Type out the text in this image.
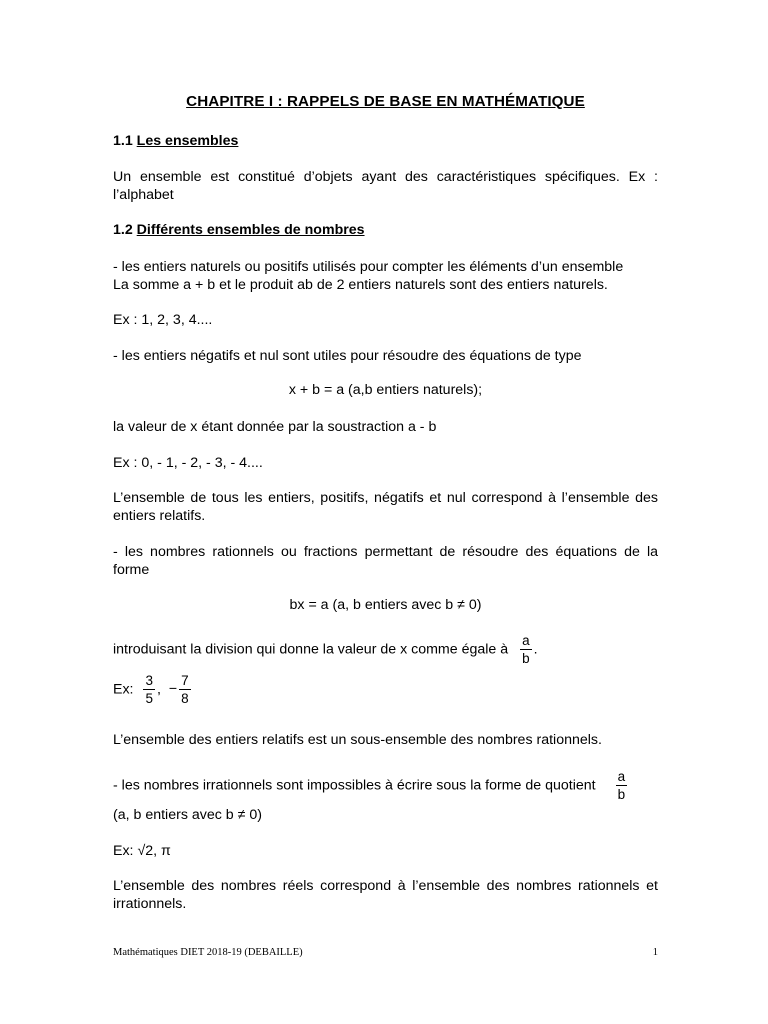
CHAPITRE I : RAPPELS DE BASE EN MATHÉMATIQUE
1.1 Les ensembles
Un ensemble est constitué d’objets ayant des caractéristiques spécifiques. Ex : l’alphabet
1.2 Différents ensembles de nombres
- les entiers naturels ou positifs utilisés pour compter les éléments d’un ensemble
La somme a + b et le produit ab de 2 entiers naturels sont des entiers naturels.
Ex : 1, 2, 3, 4....
- les entiers négatifs et nul sont utiles pour résoudre des équations de type
x + b = a (a,b entiers naturels);
la valeur de x étant donnée par la soustraction a - b
Ex : 0, - 1, - 2, - 3, - 4....
L’ensemble de tous les entiers, positifs, négatifs et nul correspond à l’ensemble des entiers relatifs.
- les nombres rationnels ou fractions permettant de résoudre des équations de la forme
bx = a (a, b entiers avec b ≠ 0)
introduisant la division qui donne la valeur de x comme égale à $\frac{a}{b}$ .
Ex: $\frac{3}{5}$ , − $\frac{7}{8}$
L’ensemble des entiers relatifs est un sous-ensemble des nombres rationnels.
- les nombres irrationnels sont impossibles à écrire sous la forme de quotient $\frac{a}{b}$
(a, b entiers avec b ≠ 0)
Ex: √2, π
L’ensemble des nombres réels correspond à l’ensemble des nombres rationnels et irrationnels.
Mathématiques DIET 2018-19 (DEBAILLE)	1
